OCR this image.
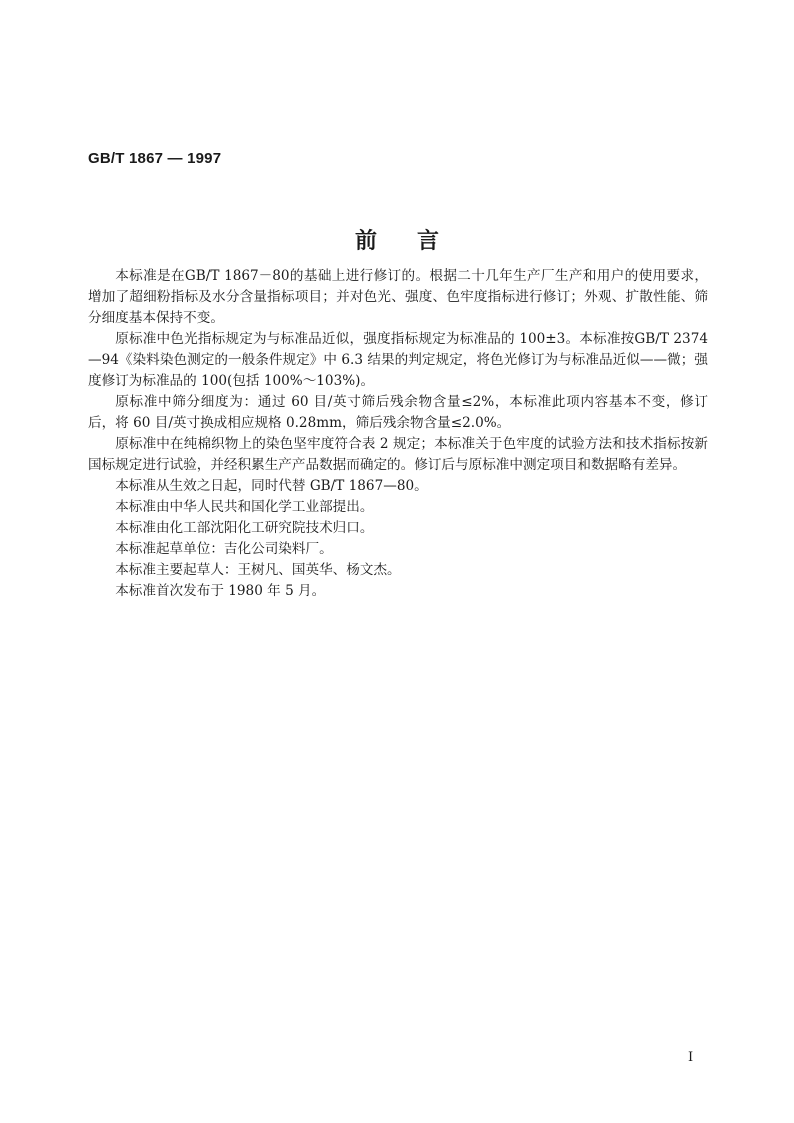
GB/T 1867 — 1997
前言

本标准是在GB/T 1867－80的基础上进行修订的。根据二十几年生产厂生产和用户的使用要求，增加了超细粉指标及水分含量指标项目；并对色光、强度、色牢度指标进行修订；外观、扩散性能、筛分细度基本保持不变。

原标准中色光指标规定为与标准品近似，强度指标规定为标准品的 100±3。本标准按GB/T 2374—94《染料染色测定的一般条件规定》中 6.3 结果的判定规定，将色光修订为与标准品近似——微；强度修订为标准品的 100(包括 100%～103%)。

原标准中筛分细度为：通过 60 目/英寸筛后残余物含量≤2%，本标准此项内容基本不变，修订后，将 60 目/英寸换成相应规格 0.28mm，筛后残余物含量≤2.0%。

原标准中在纯棉织物上的染色坚牢度符合表 2 规定；本标准关于色牢度的试验方法和技术指标按新国标规定进行试验，并经积累生产产品数据而确定的。修订后与原标准中测定项目和数据略有差异。

本标准从生效之日起，同时代替 GB/T 1867—80。

本标准由中华人民共和国化学工业部提出。

本标准由化工部沈阳化工研究院技术归口。

本标准起草单位：吉化公司染料厂。

本标准主要起草人：王树凡、国英华、杨文杰。

本标准首次发布于 1980 年 5 月。

I
